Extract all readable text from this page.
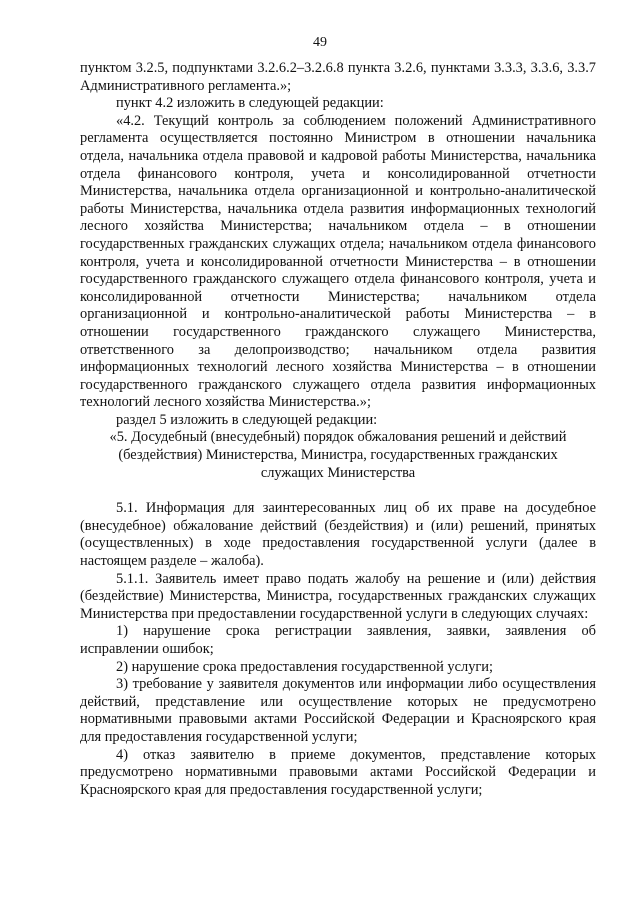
49

пунктом 3.2.5, подпунктами 3.2.6.2–3.2.6.8 пункта 3.2.6, пунктами 3.3.3, 3.3.6, 3.3.7 Административного регламента.»;

пункт 4.2 изложить в следующей редакции:

«4.2. Текущий контроль за соблюдением положений Административного регламента осуществляется постоянно Министром в отношении начальника отдела, начальника отдела правовой и кадровой работы Министерства, начальника отдела финансового контроля, учета и консолидированной отчетности Министерства, начальника отдела организационной и контрольно-аналитической работы Министерства, начальника отдела развития информационных технологий лесного хозяйства Министерства; начальником отдела – в отношении государственных гражданских служащих отдела; начальником отдела финансового контроля, учета и консолидированной отчетности Министерства – в отношении государственного гражданского служащего отдела финансового контроля, учета и консолидированной отчетности Министерства; начальником отдела организационной и контрольно-аналитической работы Министерства – в отношении государственного гражданского служащего Министерства, ответственного за делопроизводство; начальником отдела развития информационных технологий лесного хозяйства Министерства – в отношении государственного гражданского служащего отдела развития информационных технологий лесного хозяйства Министерства.»;

раздел 5 изложить в следующей редакции:

«5. Досудебный (внесудебный) порядок обжалования решений и действий

(бездействия) Министерства, Министра, государственных гражданских

служащих Министерства

5.1. Информация для заинтересованных лиц об их праве на досудебное (внесудебное) обжалование действий (бездействия) и (или) решений, принятых (осуществленных) в ходе предоставления государственной услуги (далее в настоящем разделе – жалоба).

5.1.1. Заявитель имеет право подать жалобу на решение и (или) действия (бездействие) Министерства, Министра, государственных гражданских служащих Министерства при предоставлении государственной услуги в следующих случаях:

1) нарушение срока регистрации заявления, заявки, заявления об исправлении ошибок;

2) нарушение срока предоставления государственной услуги;

3) требование у заявителя документов или информации либо осуществления действий, представление или осуществление которых не предусмотрено нормативными правовыми актами Российской Федерации и Красноярского края для предоставления государственной услуги;

4) отказ заявителю в приеме документов, представление которых предусмотрено нормативными правовыми актами Российской Федерации и Красноярского края для предоставления государственной услуги;
